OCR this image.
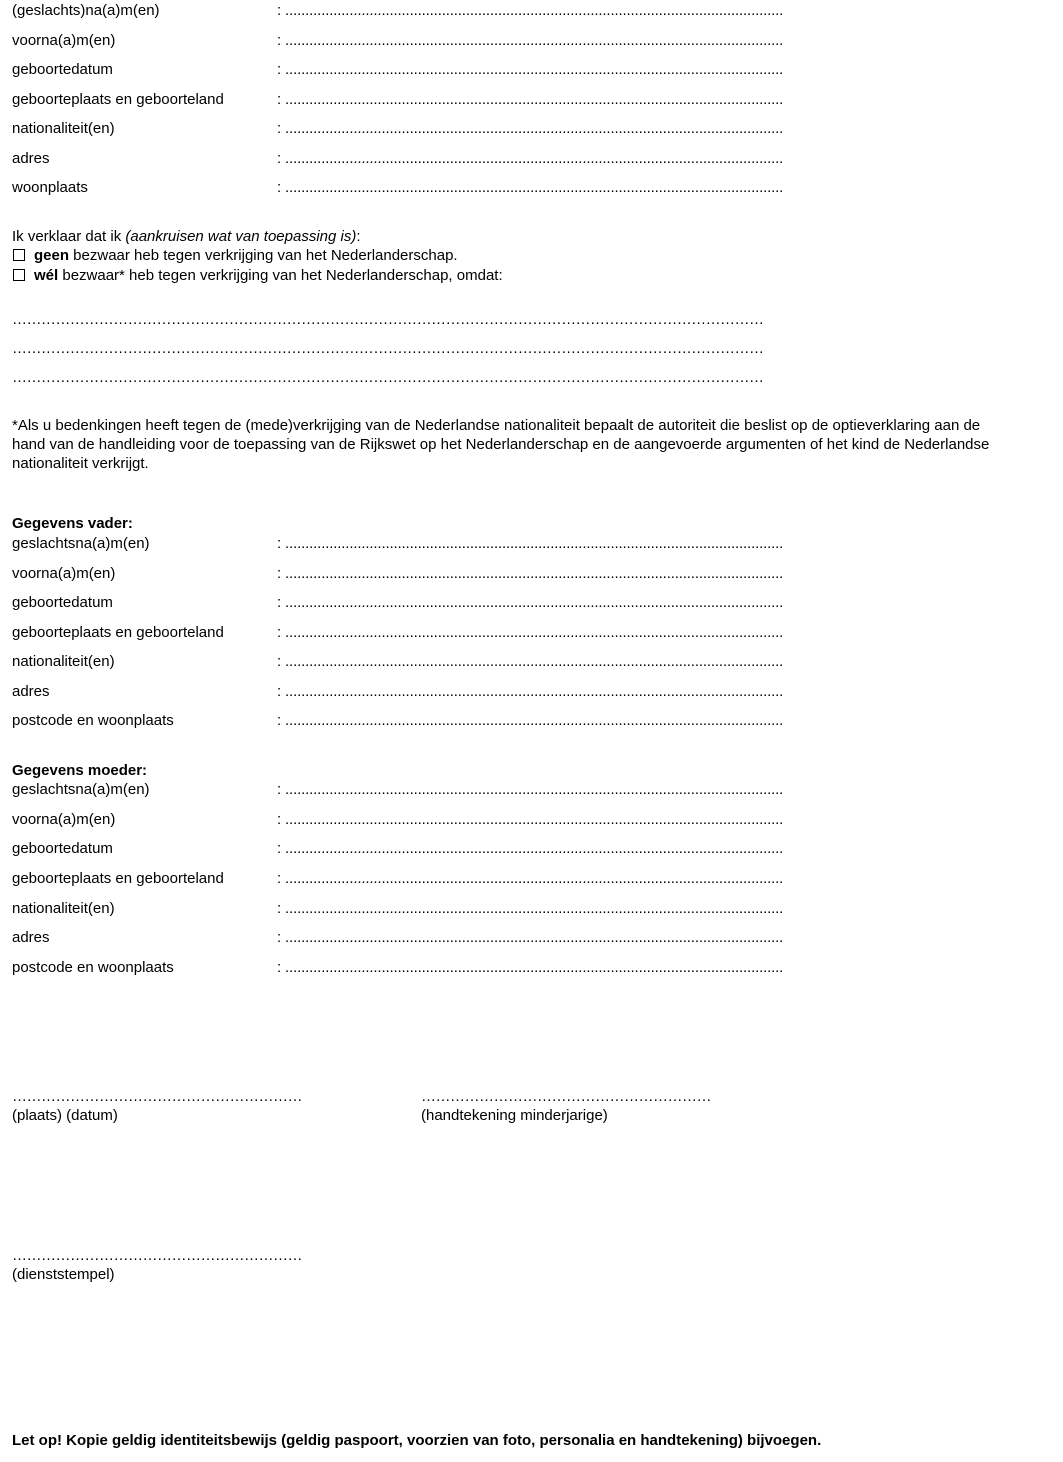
(geslachts)na(a)m(en)	: ............................................................................................................................
voorna(a)m(en)	: ............................................................................................................................
geboortedatum	: ............................................................................................................................
geboorteplaats en geboorteland	: ............................................................................................................................
nationaliteit(en)	: ............................................................................................................................
adres	: ............................................................................................................................
woonplaats	: ............................................................................................................................
Ik verklaar dat ik (aankruisen wat van toepassing is):
geen bezwaar heb tegen verkrijging van het Nederlanderschap.
wél bezwaar* heb tegen verkrijging van het Nederlanderschap, omdat:
…………………………………………………………………………………………………………………………………………
…………………………………………………………………………………………………………………………………………
…………………………………………………………………………………………………………………………………………
*Als u bedenkingen heeft tegen de (mede)verkrijging van de Nederlandse nationaliteit bepaalt de autoriteit die beslist op de optieverklaring aan de hand van de handleiding voor de toepassing van de Rijkswet op het Nederlanderschap en de aangevoerde argumenten of het kind de Nederlandse nationaliteit verkrijgt.
Gegevens vader:
geslachtsna(a)m(en)	: ............................................................................................................................
voorna(a)m(en)	: ............................................................................................................................
geboortedatum	: ............................................................................................................................
geboorteplaats en geboorteland	: ............................................................................................................................
nationaliteit(en)	: ............................................................................................................................
adres	: ............................................................................................................................
postcode en woonplaats	: ............................................................................................................................
Gegevens moeder:
geslachtsna(a)m(en)	: ............................................................................................................................
voorna(a)m(en)	: ............................................................................................................................
geboortedatum	: ............................................................................................................................
geboorteplaats en geboorteland	: ............................................................................................................................
nationaliteit(en)	: ............................................................................................................................
adres	: ............................................................................................................................
postcode en woonplaats	: ............................................................................................................................
……………………………………………………
(plaats) (datum)
……………………………………………………
(handtekening minderjarige)
……………………………………………………
(dienststempel)
Let op! Kopie geldig identiteitsbewijs (geldig paspoort, voorzien van foto, personalia en handtekening) bijvoegen.
